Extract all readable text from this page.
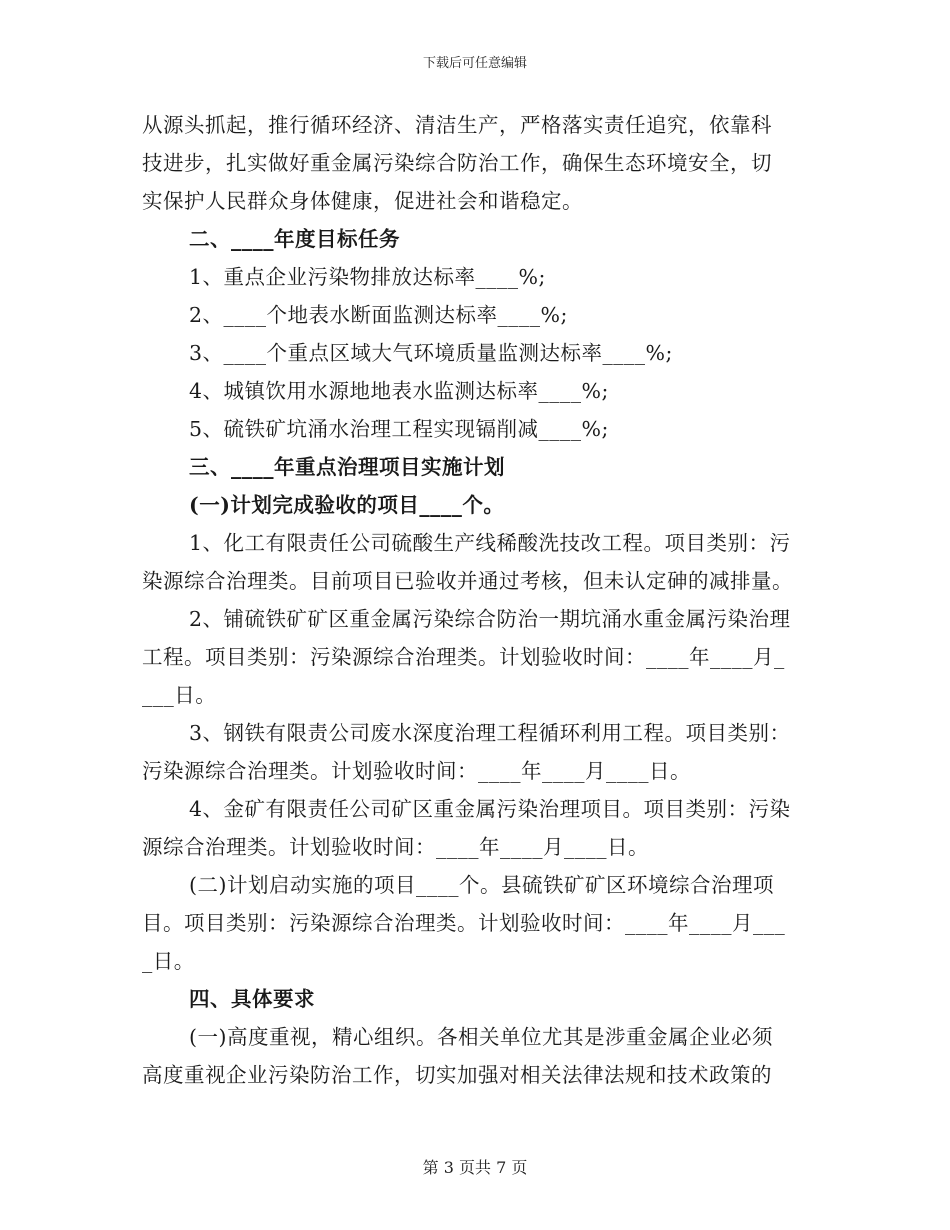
下载后可任意编辑
从源头抓起，推行循环经济、清洁生产，严格落实责任追究，依靠科
技进步，扎实做好重金属污染综合防治工作，确保生态环境安全，切
实保护人民群众身体健康，促进社会和谐稳定。
二、____年度目标任务
1、重点企业污染物排放达标率____%;
2、____个地表水断面监测达标率____%;
3、____个重点区域大气环境质量监测达标率____%;
4、城镇饮用水源地地表水监测达标率____%;
5、硫铁矿坑涌水治理工程实现镉削减____%;
三、____年重点治理项目实施计划
(一)计划完成验收的项目____个。
1、化工有限责任公司硫酸生产线稀酸洗技改工程。项目类别：污
染源综合治理类。目前项目已验收并通过考核，但未认定砷的减排量。
2、铺硫铁矿矿区重金属污染综合防治一期坑涌水重金属污染治理
工程。项目类别：污染源综合治理类。计划验收时间：____年____月_
___日。
3、钢铁有限责公司废水深度治理工程循环利用工程。项目类别：
污染源综合治理类。计划验收时间：____年____月____日。
4、金矿有限责任公司矿区重金属污染治理项目。项目类别：污染
源综合治理类。计划验收时间：____年____月____日。
(二)计划启动实施的项目____个。县硫铁矿矿区环境综合治理项
目。项目类别：污染源综合治理类。计划验收时间：____年____月___
_日。
四、具体要求
(一)高度重视，精心组织。各相关单位尤其是涉重金属企业必须
高度重视企业污染防治工作，切实加强对相关法律法规和技术政策的
第 3 页共 7 页
